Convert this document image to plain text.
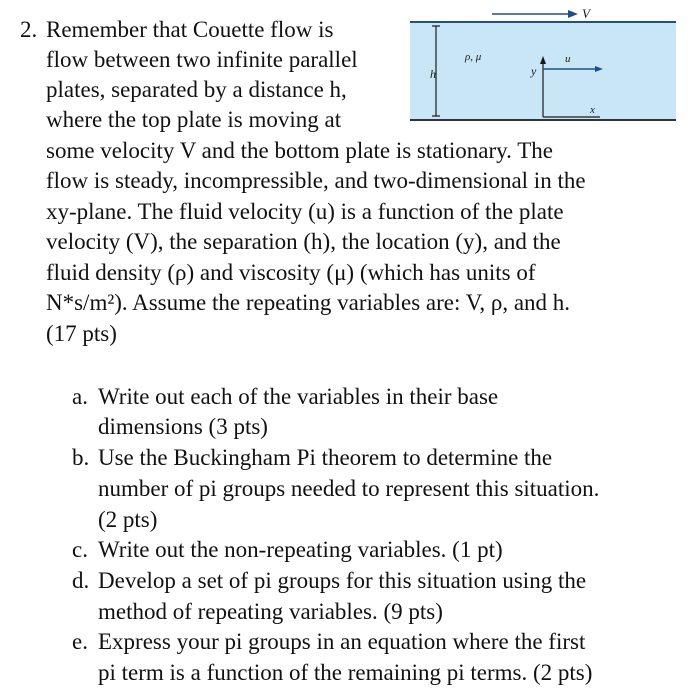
2. Remember that Couette flow is
flow between two infinite parallel
plates, separated by a distance h,
where the top plate is moving at
some velocity V and the bottom plate is stationary. The
flow is steady, incompressible, and two-dimensional in the
xy-plane. The fluid velocity (u) is a function of the plate
velocity (V), the separation (h), the location (y), and the
fluid density (ρ) and viscosity (μ) (which has units of
N*s/m²). Assume the repeating variables are: V, ρ, and h.
(17 pts)
V
h
ρ, μ
y
x
u
a. Write out each of the variables in their base
dimensions (3 pts)
b. Use the Buckingham Pi theorem to determine the
number of pi groups needed to represent this situation.
(2 pts)
c. Write out the non-repeating variables. (1 pt)
d. Develop a set of pi groups for this situation using the
method of repeating variables. (9 pts)
e. Express your pi groups in an equation where the first
pi term is a function of the remaining pi terms. (2 pts)
